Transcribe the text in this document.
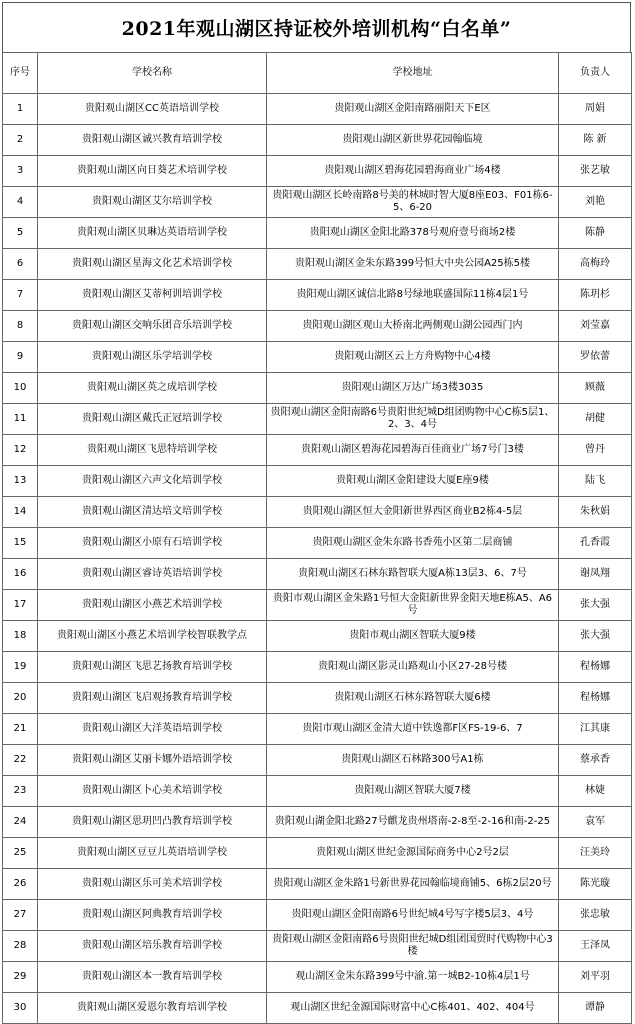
2021年观山湖区持证校外培训机构“白名单”
序号	学校名称	学校地址	负责人
1	贵阳观山湖区CC英语培训学校	贵阳观山湖区金阳南路丽阳天下E区	周娟
2	贵阳观山湖区诚兴教育培训学校	贵阳观山湖区新世界花园翰临境	陈 新
3	贵阳观山湖区向日葵艺术培训学校	贵阳观山湖区碧海花园碧海商业广场4楼	张艺敏
4	贵阳观山湖区艾尔培训学校	贵阳观山湖区长岭南路8号美的林城时智大厦8座E03、F01栋6-5、6-20	刘艳
5	贵阳观山湖区贝琳达英语培训学校	贵阳观山湖区金阳北路378号观府壹号商场2楼	陈静
6	贵阳观山湖区星海文化艺术培训学校	贵阳观山湖区金朱东路399号恒大中央公园A25栋5楼	高梅玲
7	贵阳观山湖区艾蒂柯训培训学校	贵阳观山湖区诚信北路8号绿地联盛国际11栋4层1号	陈玥杉
8	贵阳观山湖区交响乐团音乐培训学校	贵阳观山湖区观山大桥南北两侧观山湖公园西门内	刘莹嘉
9	贵阳观山湖区乐学培训学校	贵阳观山湖区云上方舟购物中心4楼	罗依蕾
10	贵阳观山湖区英之成培训学校	贵阳观山湖区万达广场3楼3035	顾薇
11	贵阳观山湖区戴氏正冠培训学校	贵阳观山湖区金阳南路6号贵阳世纪城D组团购物中心C栋5层1、2、3、4号	胡健
12	贵阳观山湖区飞思特培训学校	贵阳观山湖区碧海花园碧海百佳商业广场7号门3楼	曾丹
13	贵阳观山湖区六声文化培训学校	贵阳观山湖区金阳建设大厦E座9楼	陆飞
14	贵阳观山湖区清达培文培训学校	贵阳观山湖区恒大金阳新世界西区商业B2栋4-5层	朱秋娟
15	贵阳观山湖区小原有石培训学校	贵阳观山湖区金朱东路书香苑小区第二层商铺	孔香霞
16	贵阳观山湖区睿诗英语培训学校	贵阳观山湖区石林东路智联大厦A栋13层3、6、7号	谢凤翔
17	贵阳观山湖区小燕艺术培训学校	贵阳市观山湖区金朱路1号恒大金阳新世界金阳天地E栋A5、A6号	张大强
18	贵阳观山湖区小燕艺术培训学校智联教学点	贵阳市观山湖区智联大厦9楼	张大强
19	贵阳观山湖区飞思艺扬教育培训学校	贵阳观山湖区影灵山路观山小区27-28号楼	程杨娜
20	贵阳观山湖区飞启观扬教育培训学校	贵阳观山湖区石林东路智联大厦6楼	程杨娜
21	贵阳观山湖区大洋英语培训学校	贵阳市观山湖区金清大道中铁逸都F区FS-19-6、7	江其康
22	贵阳观山湖区艾丽卡娜外语培训学校	贵阳观山湖区石林路300号A1栋	蔡承香
23	贵阳观山湖区卜心美术培训学校	贵阳观山湖区智联大厦7楼	林婕
24	贵阳观山湖区思玥凹凸教育培训学校	贵阳观山湖金阳北路27号麒龙贵州塔南-2-8至-2-16和南-2-25	袁军
25	贵阳观山湖区豆豆儿英语培训学校	贵阳观山湖区世纪金源国际商务中心2号2层	汪美玲
26	贵阳观山湖区乐可美术培训学校	贵阳观山湖区金朱路1号新世界花园翰临境商铺5、6栋2层20号	陈光璇
27	贵阳观山湖区阿典教育培训学校	贵阳观山湖区金阳南路6号世纪城4号写字楼5层3、4号	张忠敏
28	贵阳观山湖区培乐教育培训学校	贵阳观山湖区金阳南路6号贵阳世纪城D组团国贸时代购物中心3楼	王泽凤
29	贵阳观山湖区本一教育培训学校	观山湖区金朱东路399号中渝.第一城B2-10栋4层1号	刘平羽
30	贵阳观山湖区爱恩尔教育培训学校	观山湖区世纪金源国际财富中心C栋401、402、404号	谭静
